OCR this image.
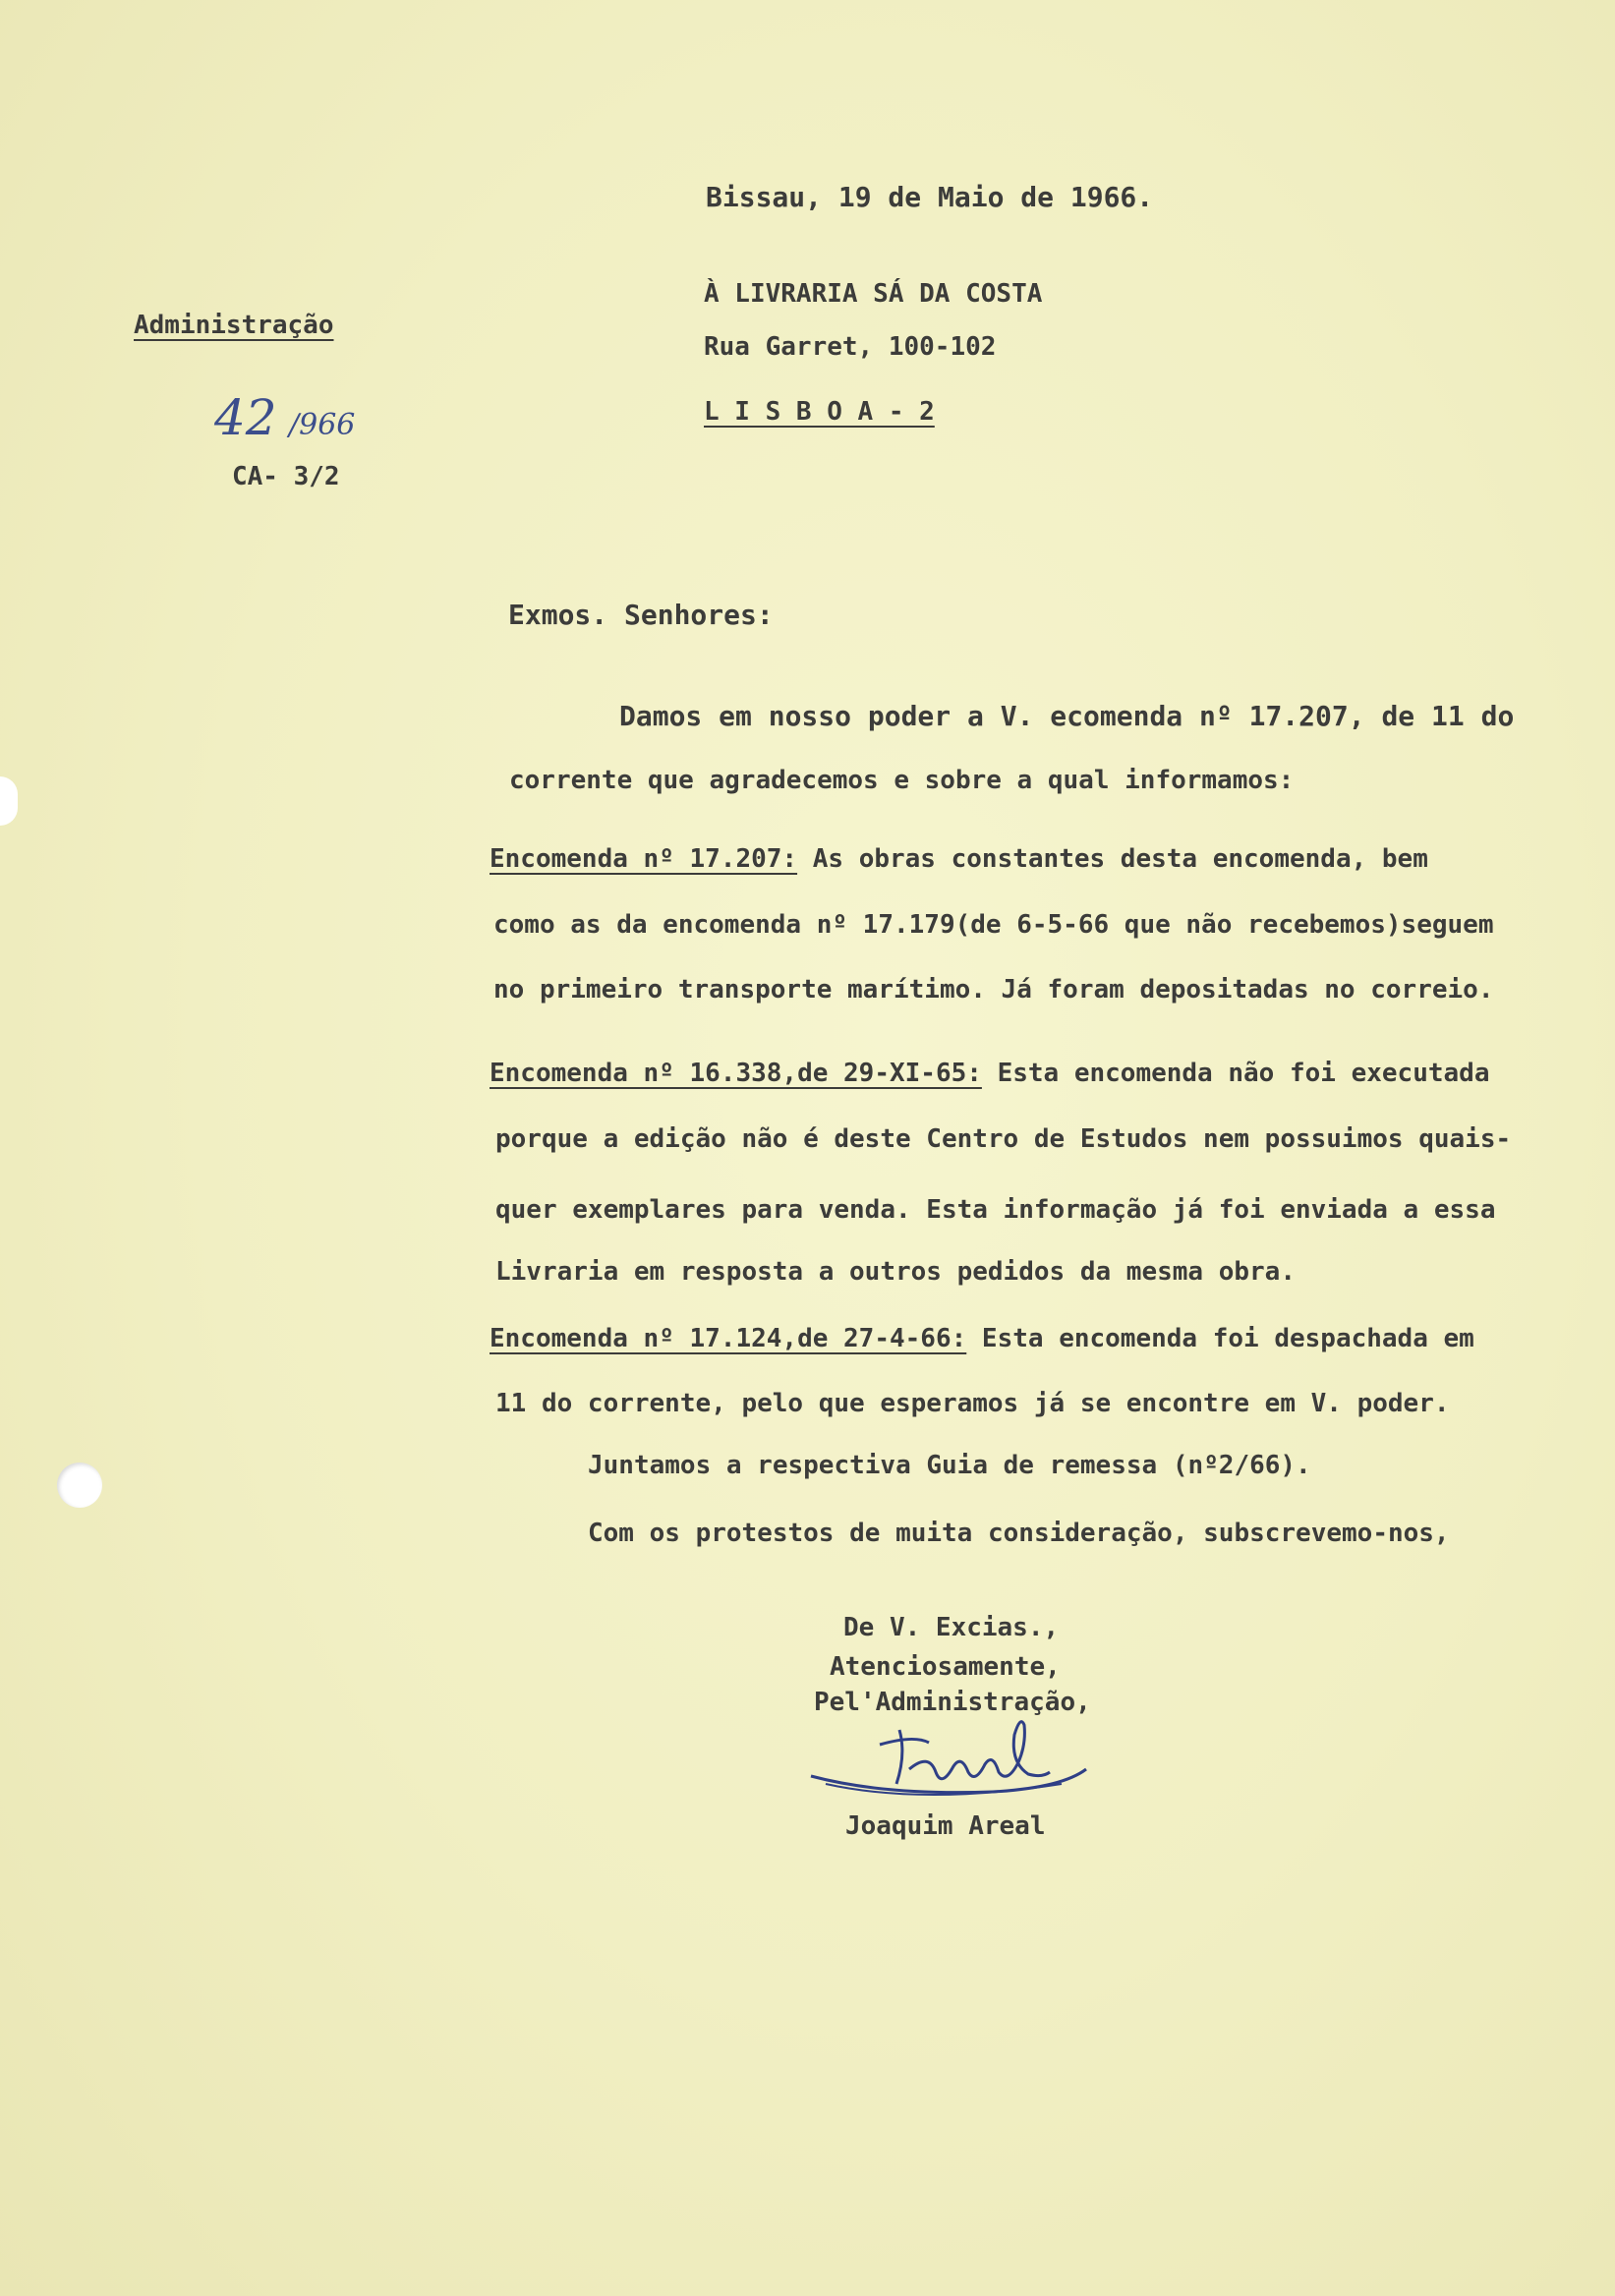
Bissau, 19 de Maio de 1966.
Administração
42 /966
CA- 3/2
À LIVRARIA SÁ DA COSTA
Rua Garret, 100-102
L I S B O A - 2
Exmos. Senhores:
Damos em nosso poder a V. ecomenda nº 17.207, de 11 do
corrente que agradecemos e sobre a qual informamos:
Encomenda nº 17.207: As obras constantes desta encomenda, bem
como as da encomenda nº 17.179(de 6-5-66 que não recebemos)seguem
no primeiro transporte marítimo. Já foram depositadas no correio.
Encomenda nº 16.338,de 29-XI-65: Esta encomenda não foi executada
porque a edição não é deste Centro de Estudos nem possuimos quais-
quer exemplares para venda. Esta informação já foi enviada a essa
Livraria em resposta a outros pedidos da mesma obra.
Encomenda nº 17.124,de 27-4-66: Esta encomenda foi despachada em
11 do corrente, pelo que esperamos já se encontre em V. poder.
Juntamos a respectiva Guia de remessa (nº2/66).
Com os protestos de muita consideração, subscrevemo-nos,
De V. Excias.,
Atenciosamente,
Pel'Administração,
Joaquim Areal
